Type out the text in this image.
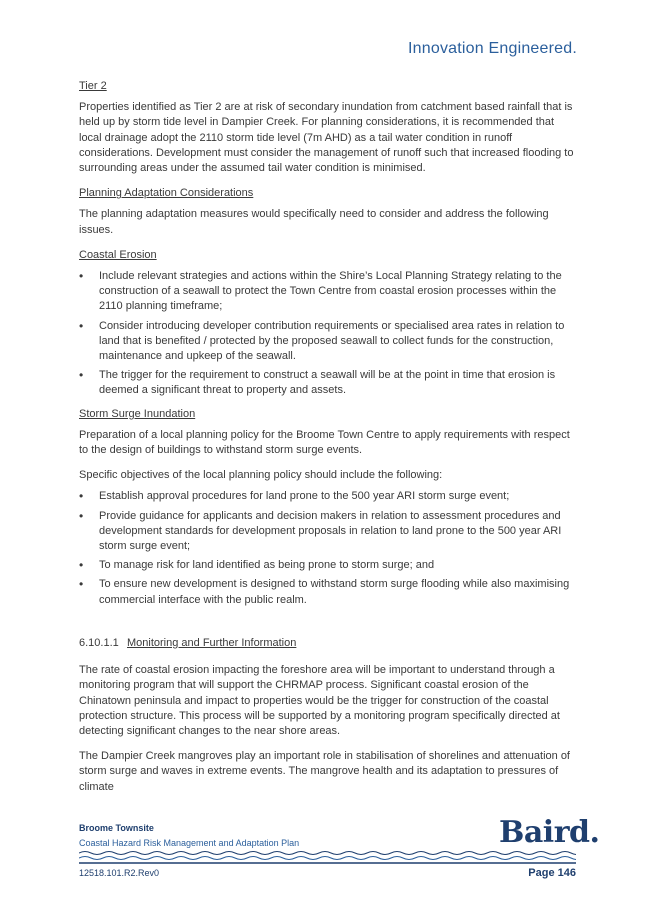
Innovation Engineered.

Tier 2

Properties identified as Tier 2 are at risk of secondary inundation from catchment based rainfall that is held up by storm tide level in Dampier Creek. For planning considerations, it is recommended that local drainage adopt the 2110 storm tide level (7m AHD) as a tail water condition in runoff considerations. Development must consider the management of runoff such that increased flooding to surrounding areas under the assumed tail water condition is minimised.

Planning Adaptation Considerations

The planning adaptation measures would specifically need to consider and address the following issues.

Coastal Erosion

• Include relevant strategies and actions within the Shire’s Local Planning Strategy relating to the construction of a seawall to protect the Town Centre from coastal erosion processes within the 2110 planning timeframe;
• Consider introducing developer contribution requirements or specialised area rates in relation to land that is benefited / protected by the proposed seawall to collect funds for the construction, maintenance and upkeep of the seawall.
• The trigger for the requirement to construct a seawall will be at the point in time that erosion is deemed a significant threat to property and assets.

Storm Surge Inundation

Preparation of a local planning policy for the Broome Town Centre to apply requirements with respect to the design of buildings to withstand storm surge events.

Specific objectives of the local planning policy should include the following:

• Establish approval procedures for land prone to the 500 year ARI storm surge event;
• Provide guidance for applicants and decision makers in relation to assessment procedures and development standards for development proposals in relation to land prone to the 500 year ARI storm surge event;
• To manage risk for land identified as being prone to storm surge; and
• To ensure new development is designed to withstand storm surge flooding while also maximising commercial interface with the public realm.

6.10.1.1 Monitoring and Further Information

The rate of coastal erosion impacting the foreshore area will be important to understand through a monitoring program that will support the CHRMAP process. Significant coastal erosion of the Chinatown peninsula and impact to properties would be the trigger for construction of the coastal protection structure. This process will be supported by a monitoring program specifically directed at detecting significant changes to the near shore areas.

The Dampier Creek mangroves play an important role in stabilisation of shorelines and attenuation of storm surge and waves in extreme events. The mangrove health and its adaptation to pressures of climate

Broome Townsite
Coastal Hazard Risk Management and Adaptation Plan	Baird.
12518.101.R2.Rev0	Page 146
